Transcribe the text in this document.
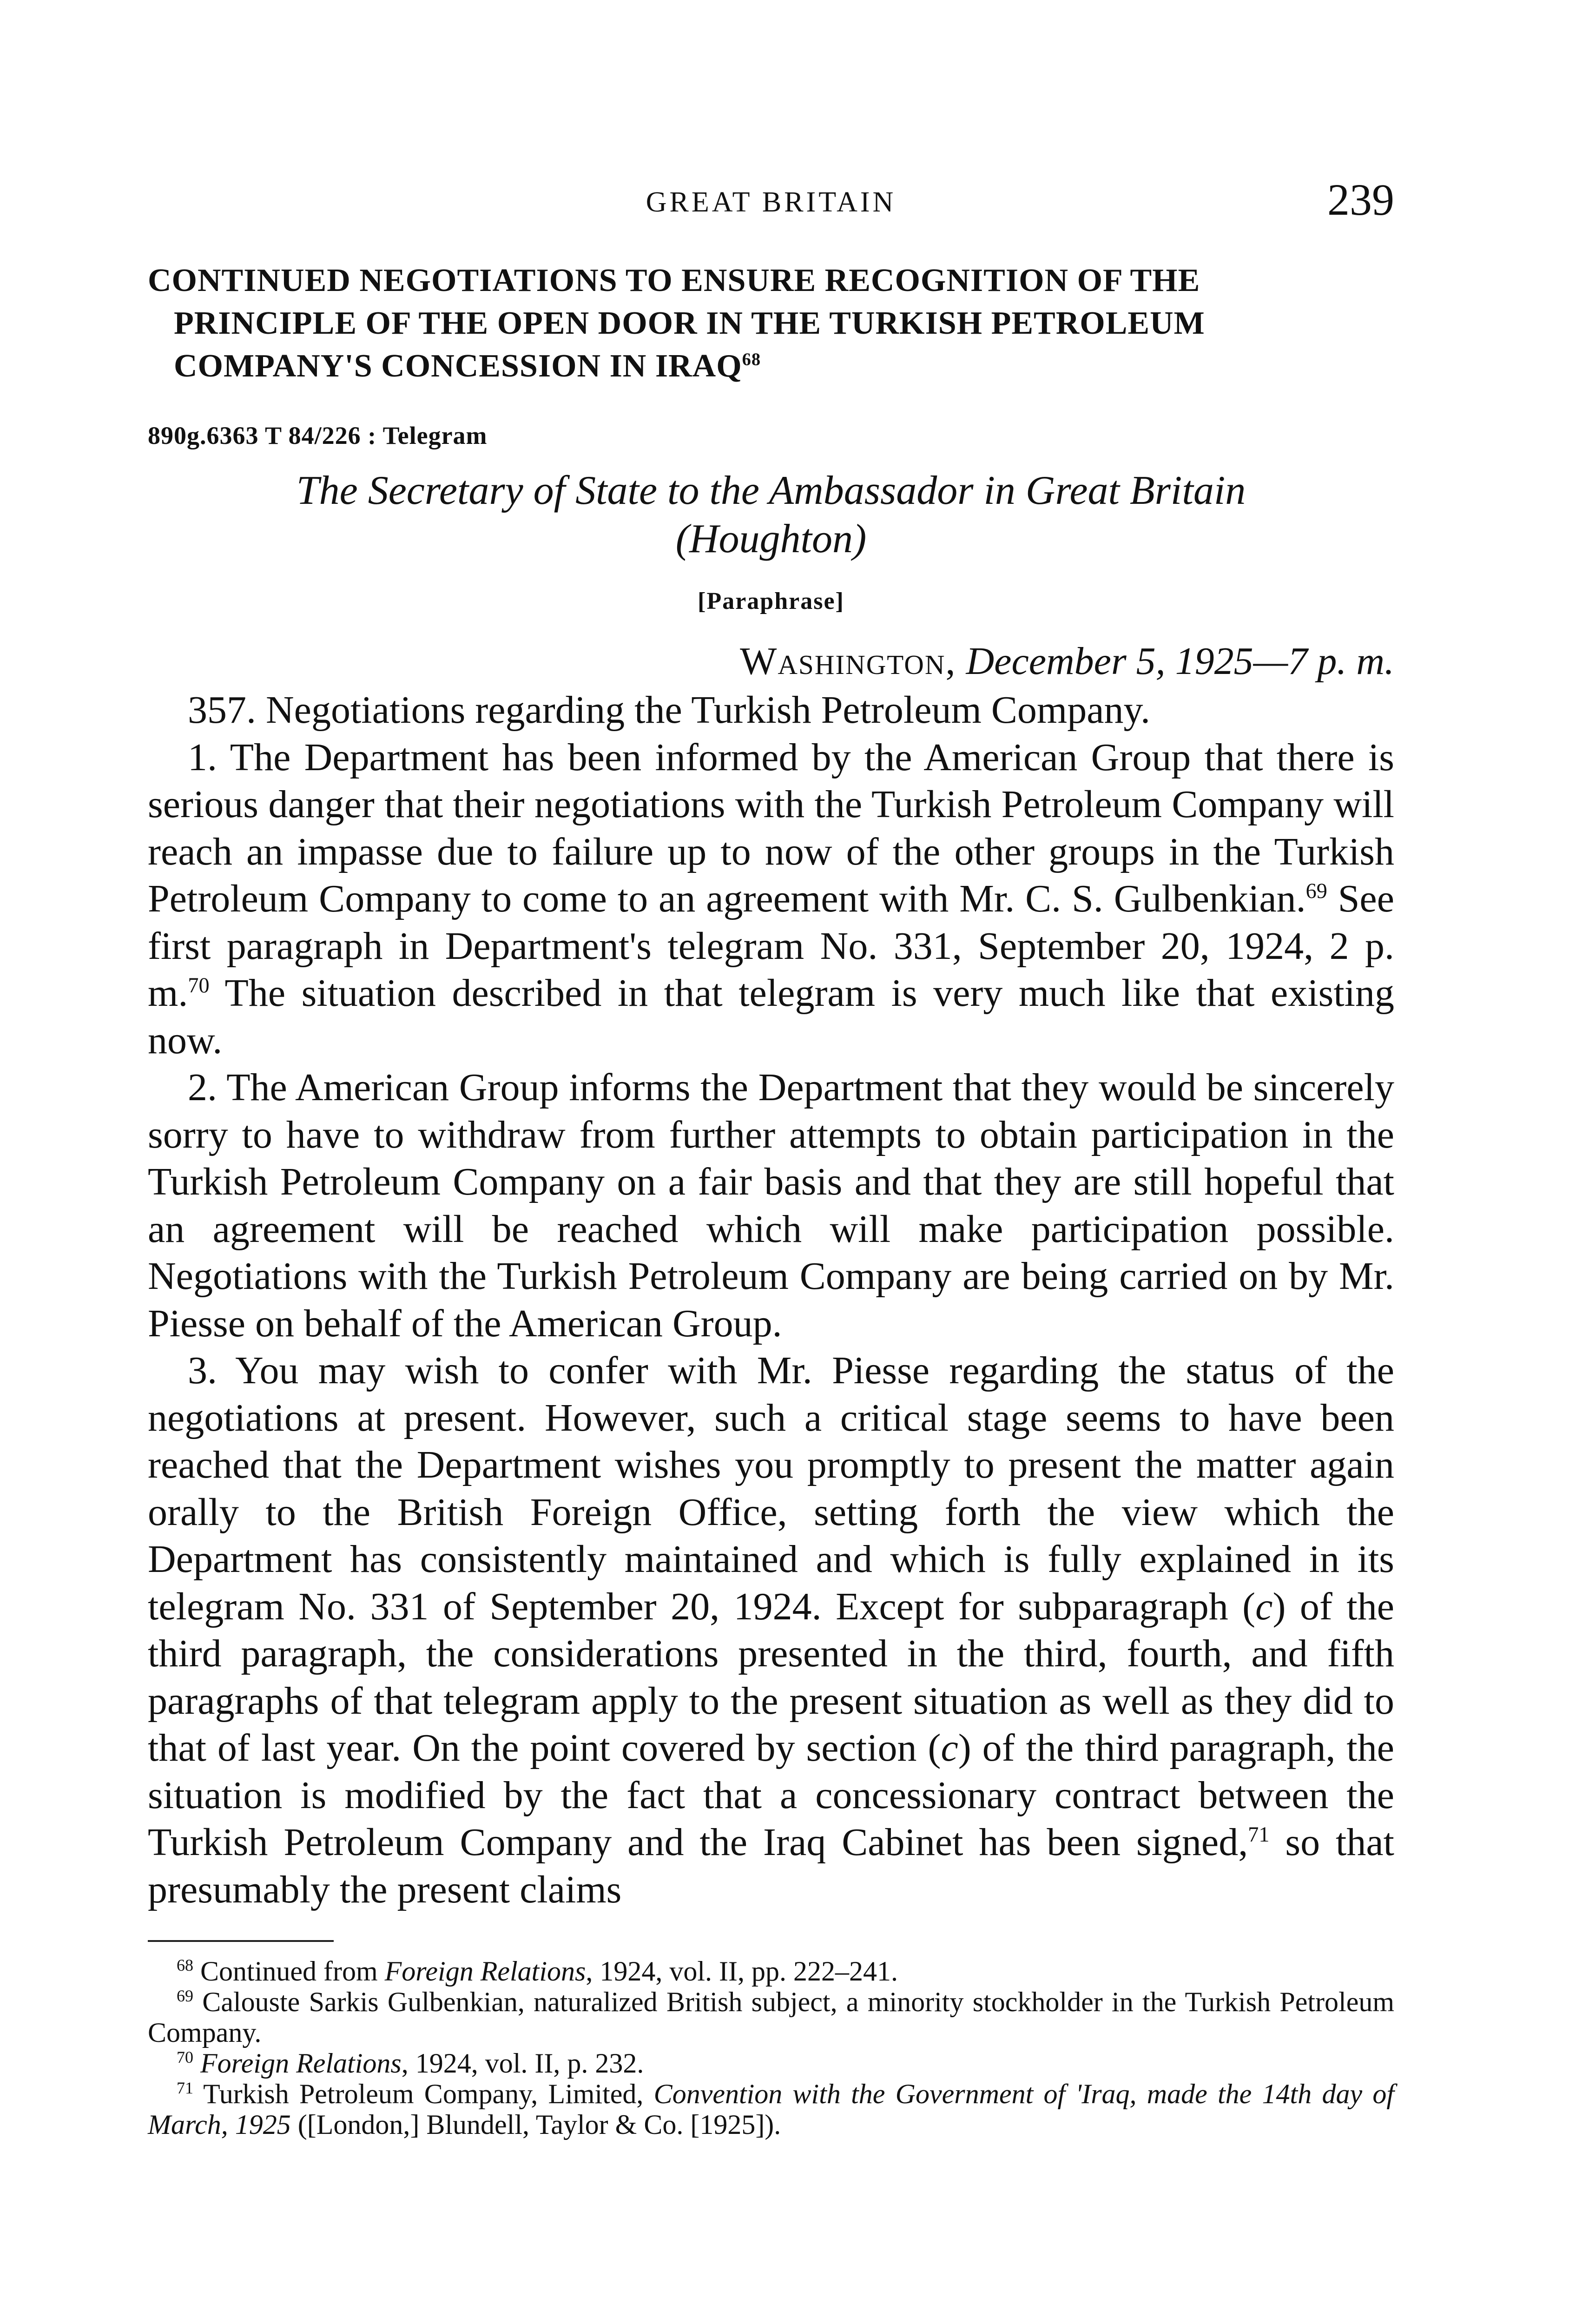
GREAT BRITAIN	239
CONTINUED NEGOTIATIONS TO ENSURE RECOGNITION OF THE
PRINCIPLE OF THE OPEN DOOR IN THE TURKISH PETROLEUM
COMPANY'S CONCESSION IN IRAQ$^{68}$
890g.6363 T 84/226 : Telegram
The Secretary of State to the Ambassador in Great Britain
(Houghton)
[Paraphrase]
Washington, December 5, 1925—7 p. m.

357. Negotiations regarding the Turkish Petroleum Company.

1. The Department has been informed by the American Group that there is serious danger that their negotiations with the Turkish Petroleum Company will reach an impasse due to failure up to now of the other groups in the Turkish Petroleum Company to come to an agreement with Mr. C. S. Gulbenkian.$^{69}$ See first paragraph in Department's telegram No. 331, September 20, 1924, 2 p. m.$^{70}$ The situation described in that telegram is very much like that existing now.

2. The American Group informs the Department that they would be sincerely sorry to have to withdraw from further attempts to obtain participation in the Turkish Petroleum Company on a fair basis and that they are still hopeful that an agreement will be reached which will make participation possible. Negotiations with the Turkish Petroleum Company are being carried on by Mr. Piesse on behalf of the American Group.

3. You may wish to confer with Mr. Piesse regarding the status of the negotiations at present. However, such a critical stage seems to have been reached that the Department wishes you promptly to present the matter again orally to the British Foreign Office, setting forth the view which the Department has consistently maintained and which is fully explained in its telegram No. 331 of September 20, 1924. Except for subparagraph (c) of the third paragraph, the considerations presented in the third, fourth, and fifth paragraphs of that telegram apply to the present situation as well as they did to that of last year. On the point covered by section (c) of the third paragraph, the situation is modified by the fact that a concessionary contract between the Turkish Petroleum Company and the Iraq Cabinet has been signed,$^{71}$ so that presumably the present claims

$^{68}$ Continued from Foreign Relations, 1924, vol. II, pp. 222–241.

$^{69}$ Calouste Sarkis Gulbenkian, naturalized British subject, a minority stockholder in the Turkish Petroleum Company.

$^{70}$ Foreign Relations, 1924, vol. II, p. 232.

$^{71}$ Turkish Petroleum Company, Limited, Convention with the Government of 'Iraq, made the 14th day of March, 1925 ([London,] Blundell, Taylor & Co. [1925]).
